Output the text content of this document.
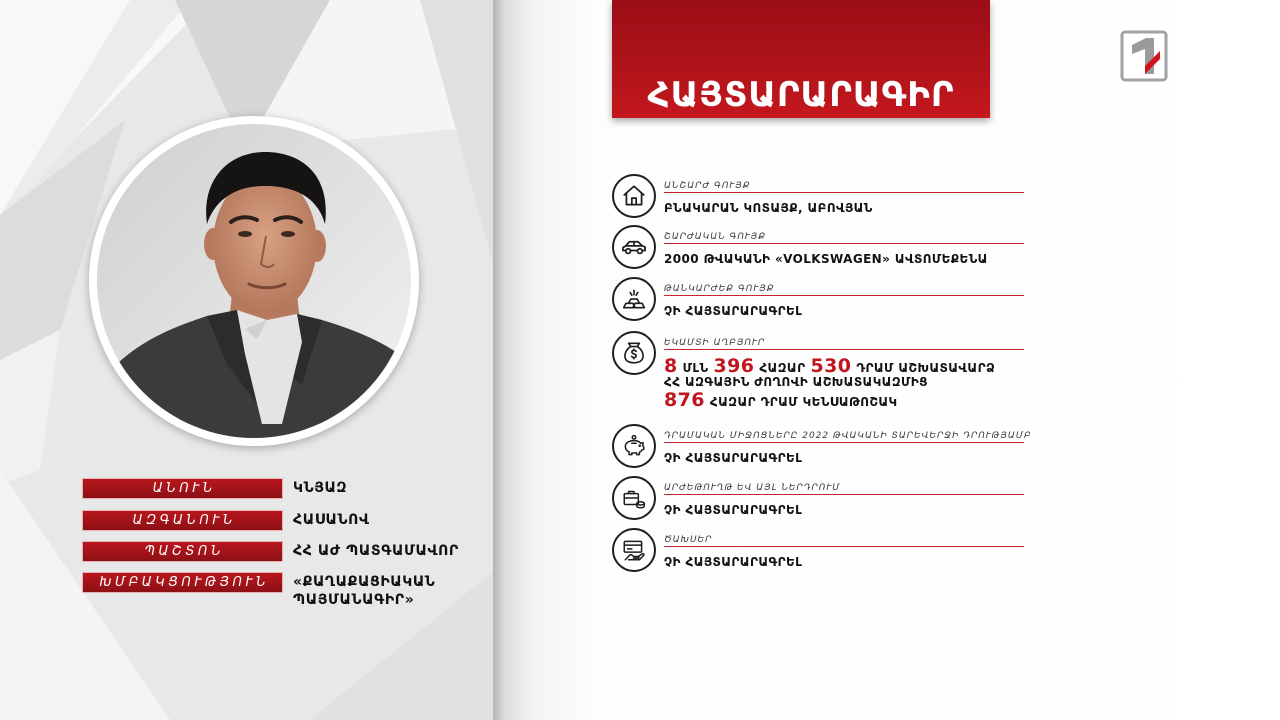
ՀԱՅՏԱՐԱՐԱԳԻՐ
ԱՆՈՒՆ	ԿՆՅԱԶ
ԱԶԳԱՆՈՒՆ	ՀԱՍԱՆՈՎ
ՊԱՇՏՈՆ	ՀՀ ԱԺ ՊԱՏԳԱՄԱՎՈՐ
ԽՄԲԱԿՑՈՒԹՅՈՒՆ	«ՔԱՂԱՔԱՑԻԱԿԱՆ
ՊԱՅՄԱՆԱԳԻՐ»
ԱՆՇԱՐԺ ԳՈՒՅՔ
ԲՆԱԿԱՐԱՆ ԿՈՏԱՅՔ, ԱԲՈՎՅԱՆ
ՇԱՐԺԱԿԱՆ ԳՈՒՅՔ
2000 ԹՎԱԿԱՆԻ «VOLKSWAGEN» ԱՎՏՈՄԵՔԵՆԱ
ԹԱՆԿԱՐԺԵՔ ԳՈՒՅՔ
ՉԻ ՀԱՅՏԱՐԱՐԱԳՐԵԼ
ԵԿԱՄՏԻ ԱՂԲՅՈՒՐ
8 ՄԼՆ 396 ՀԱԶԱՐ 530 ԴՐԱՄ ԱՇԽԱՏԱՎԱՐՁ
ՀՀ ԱԶԳԱՅԻՆ ԺՈՂՈՎԻ ԱՇԽԱՏԱԿԱԶՄԻՑ
876 ՀԱԶԱՐ ԴՐԱՄ ԿԵՆՍԱԹՈՇԱԿ
ԴՐԱՄԱԿԱՆ ՄԻՋՈՑՆԵՐԸ 2022 ԹՎԱԿԱՆԻ ՏԱՐԵՎԵՐՋԻ ԴՐՈՒԹՅԱՄԲ
ՉԻ ՀԱՅՏԱՐԱՐԱԳՐԵԼ
ԱՐԺԵԹՈՒՂԹ ԵՎ ԱՅԼ ՆԵՐԴՐՈՒՄ
ՉԻ ՀԱՅՏԱՐԱՐԱԳՐԵԼ
ԾԱԽՍԵՐ
ՉԻ ՀԱՅՏԱՐԱՐԱԳՐԵԼ
